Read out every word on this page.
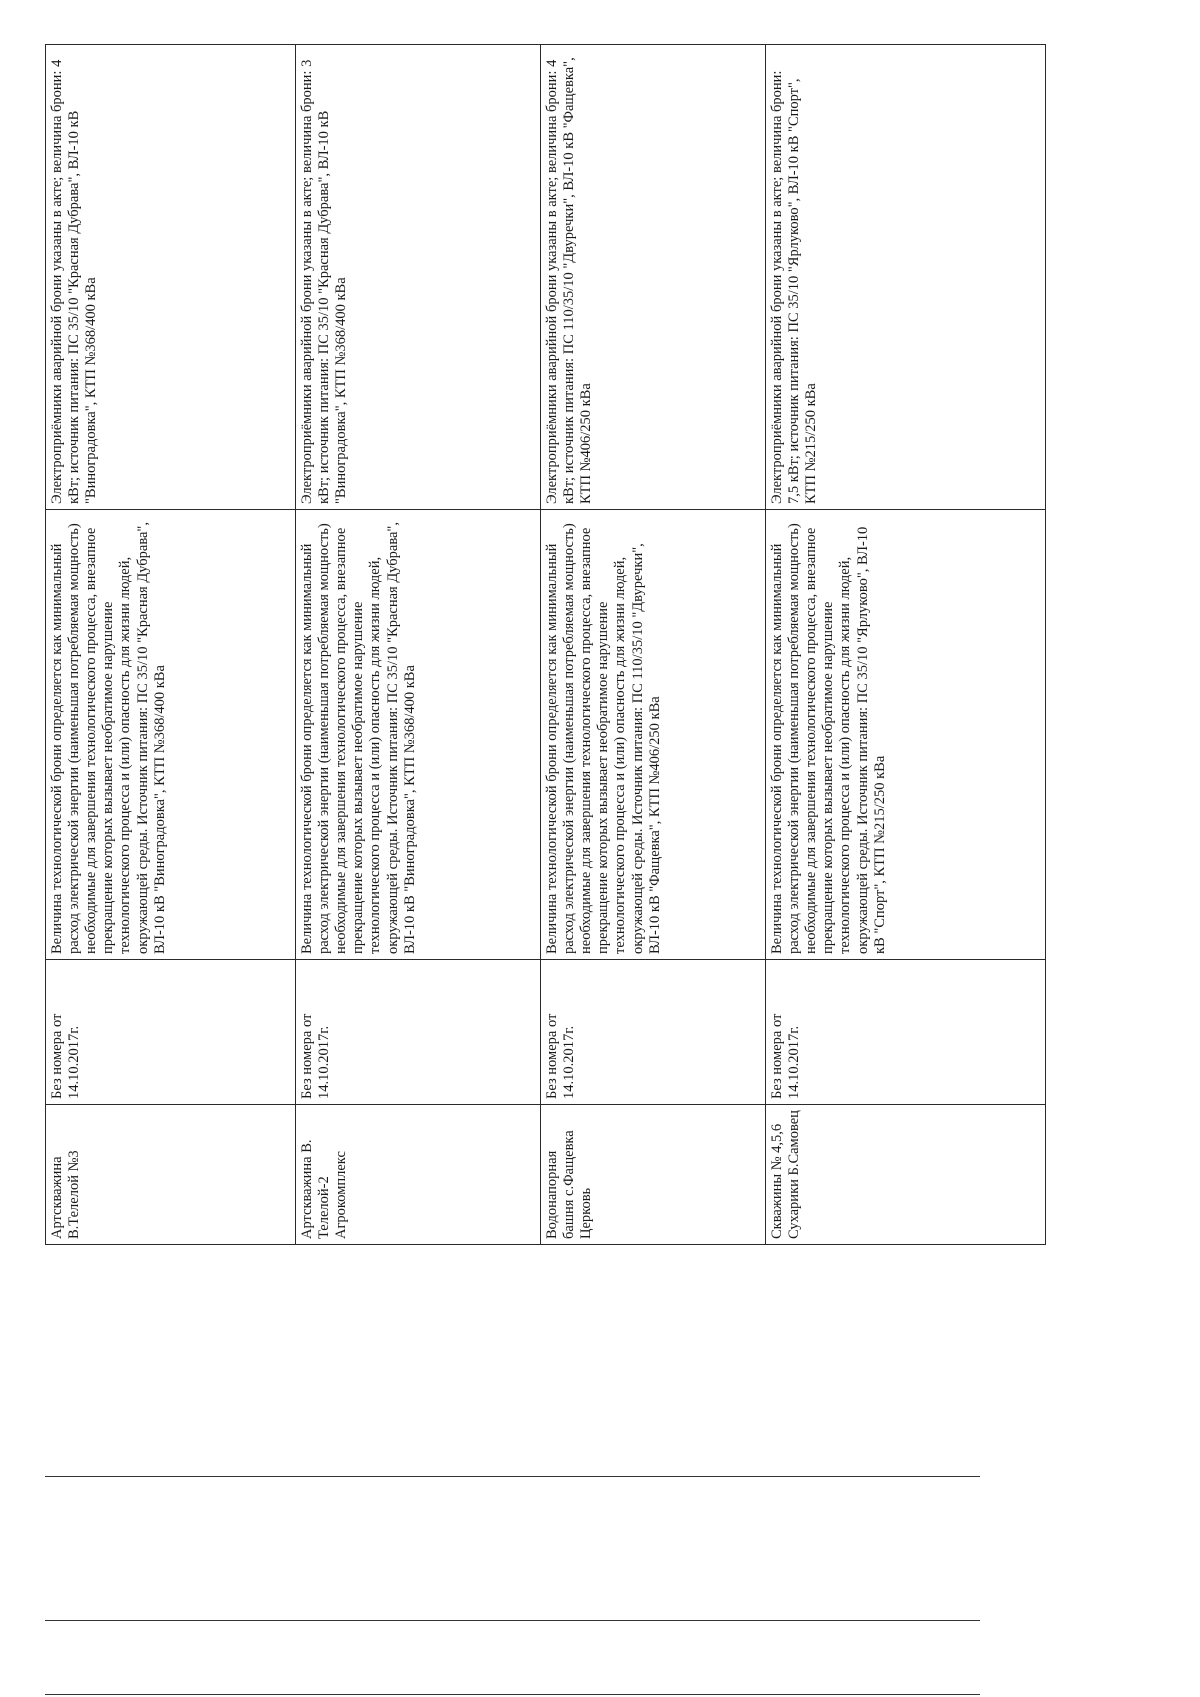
Артскважина В.Телелой №3	Без номера от 14.10.2017г.	Величина технологической брони определяется как минимальный расход электрической энергии (наименьшая потребляемая мощность) необходимые для завершения технологического процесса, внезапное прекращение которых вызывает необратимое нарушение технологического процесса и (или) опасность для жизни людей, окружающей среды. Источник питания: ПС 35/10 "Красная Дубрава", ВЛ-10 кВ "Виноградовка", КТП №368/400 кВа	Электроприёмники аварийной брони указаны в акте; величина брони: 4 кВт; источник питания: ПС 35/10 "Красная Дубрава", ВЛ-10 кВ "Виноградовка", КТП №368/400 кВа
Артскважина В. Телелой-2 Агрокомплекс	Без номера от 14.10.2017г.	Величина технологической брони определяется как минимальный расход электрической энергии (наименьшая потребляемая мощность) необходимые для завершения технологического процесса, внезапное прекращение которых вызывает необратимое нарушение технологического процесса и (или) опасность для жизни людей, окружающей среды. Источник питания: ПС 35/10 "Красная Дубрава", ВЛ-10 кВ "Виноградовка", КТП №368/400 кВа	Электроприёмники аварийной брони указаны в акте; величина брони: 3 кВт; источник питания: ПС 35/10 "Красная Дубрава", ВЛ-10 кВ "Виноградовка", КТП №368/400 кВа
Водонапорная башня с.Фащевка Церковь	Без номера от 14.10.2017г.	Величина технологической брони определяется как минимальный расход электрической энергии (наименьшая потребляемая мощность) необходимые для завершения технологического процесса, внезапное прекращение которых вызывает необратимое нарушение технологического процесса и (или) опасность для жизни людей, окружающей среды. Источник питания: ПС 110/35/10 "Двуречки", ВЛ-10 кВ "Фащевка", КТП №406/250 кВа	Электроприёмники аварийной брони указаны в акте; величина брони: 4 кВт; источник питания: ПС 110/35/10 "Двуречки", ВЛ-10 кВ "Фащевка", КТП №406/250 кВа
Скважины № 4,5,6 Сухарики Б.Самовец	Без номера от 14.10.2017г.	Величина технологической брони определяется как минимальный расход электрической энергии (наименьшая потребляемая мощность) необходимые для завершения технологического процесса, внезапное прекращение которых вызывает необратимое нарушение технологического процесса и (или) опасность для жизни людей, окружающей среды. Источник питания: ПС 35/10 "Ярлуково", ВЛ-10 кВ "Спорт", КТП №215/250 кВа	Электроприёмники аварийной брони указаны в акте; величина брони: 7,5 кВт; источник питания: ПС 35/10 "Ярлуково", ВЛ-10 кВ "Спорт", КТП №215/250 кВа
